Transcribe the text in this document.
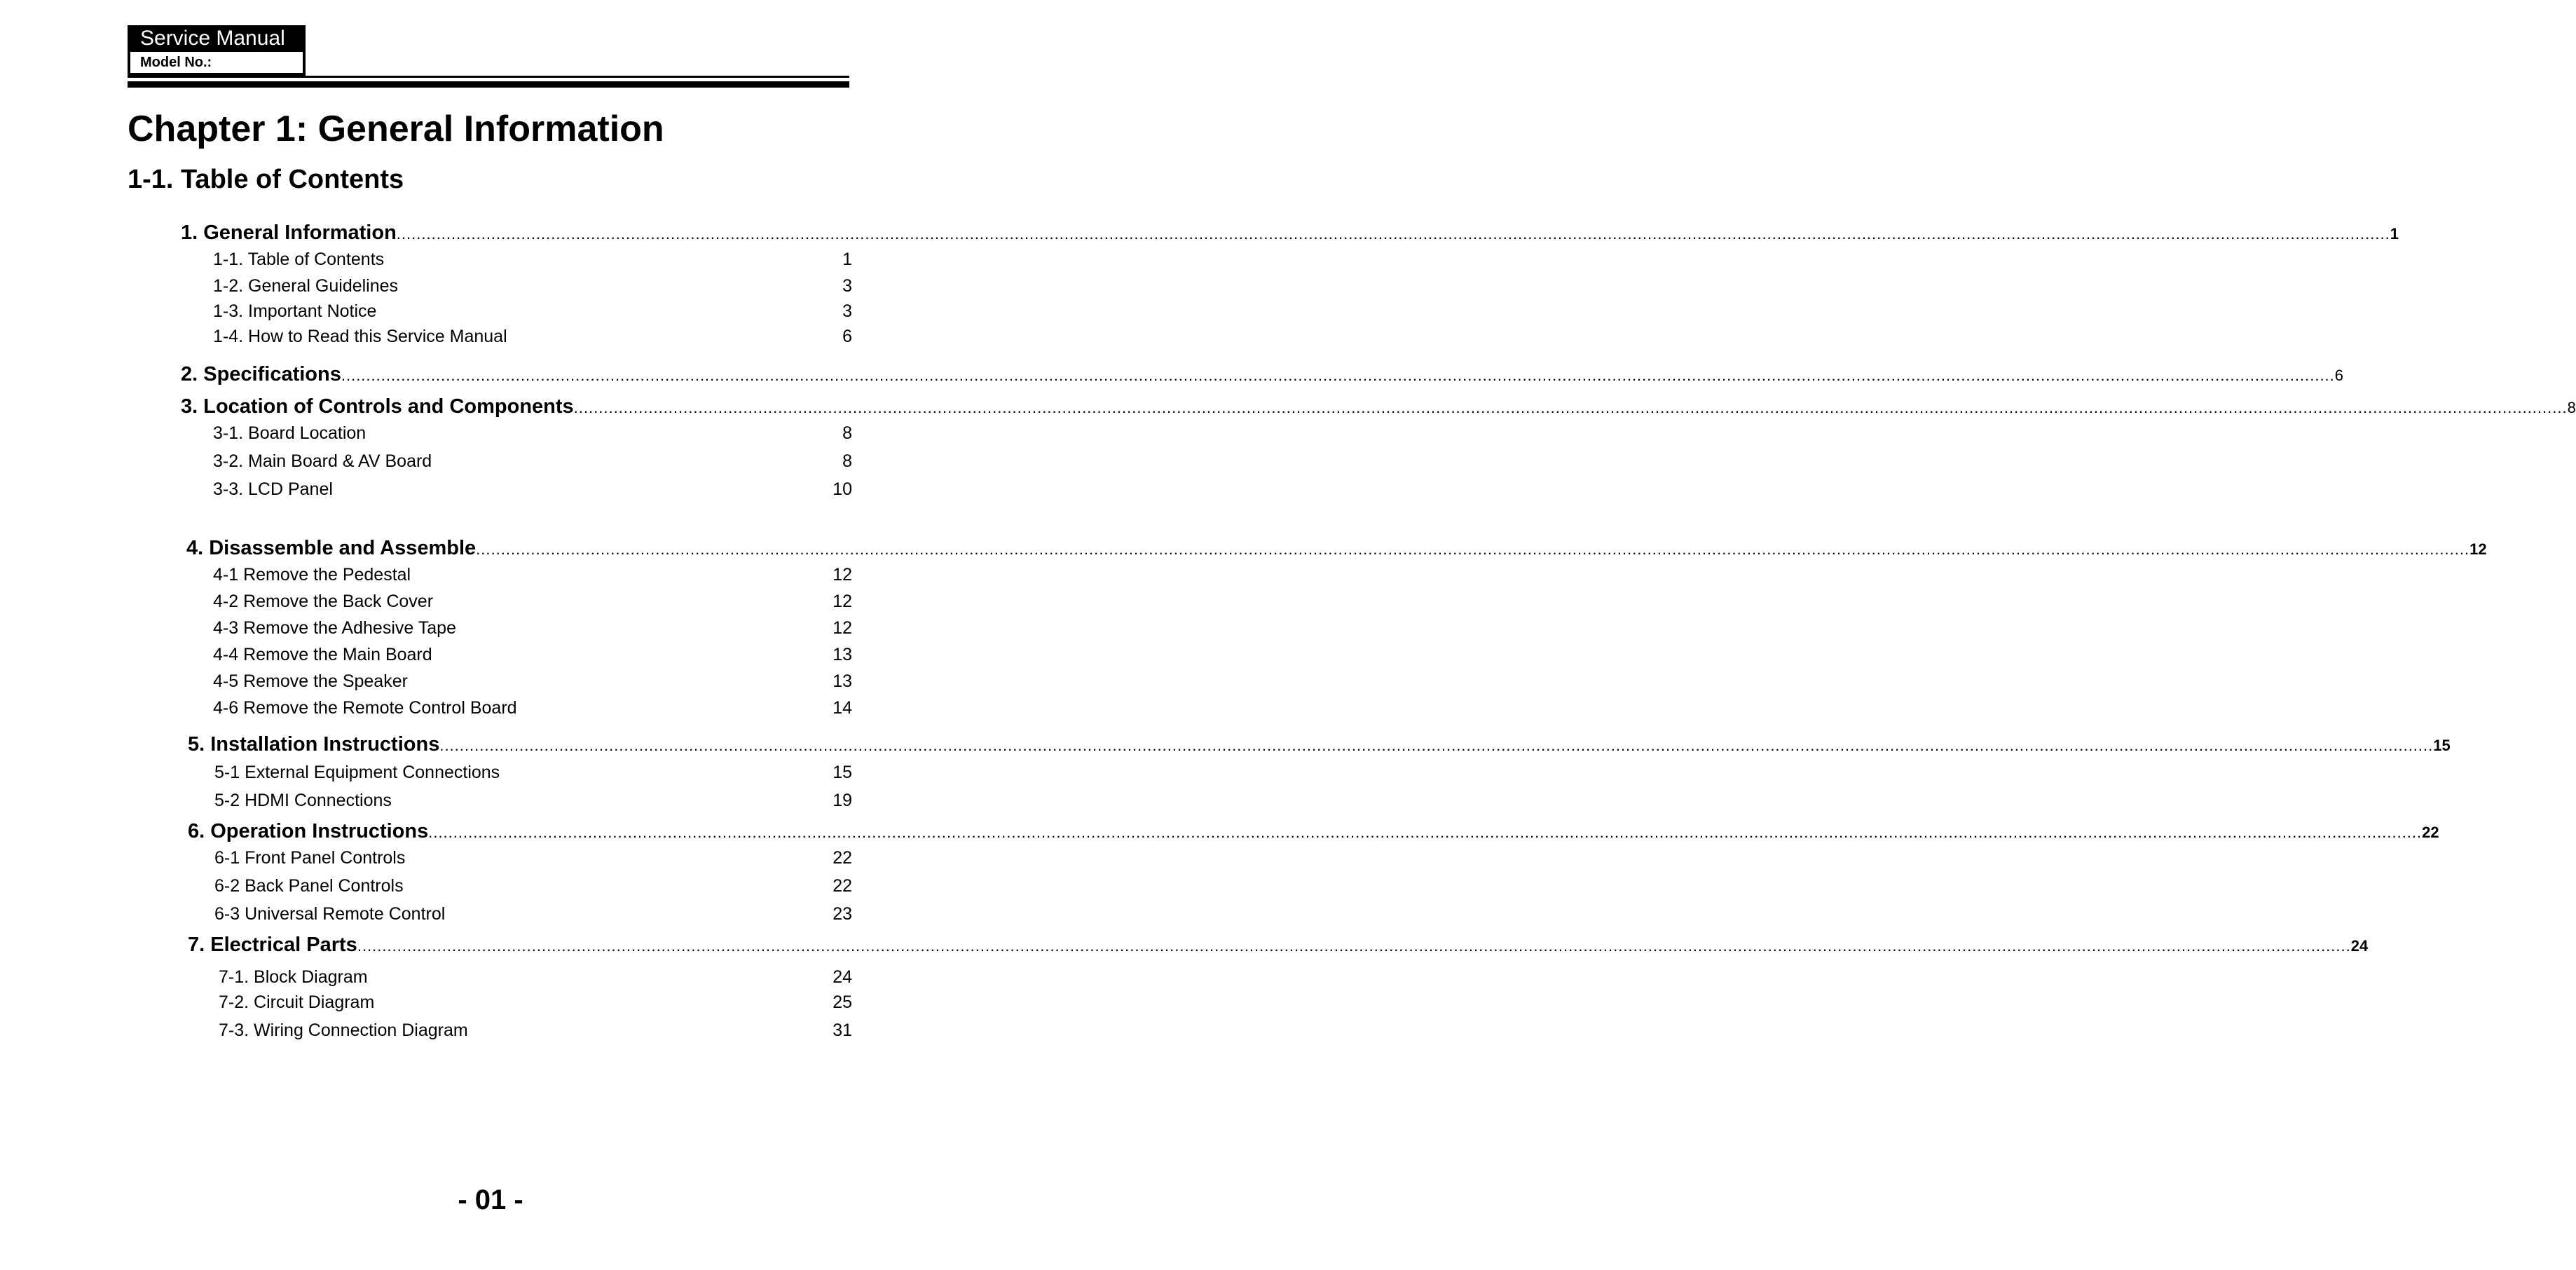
Service Manual
Model No.:
Chapter 1: General Information
1-1. Table of Contents
1. General Information ................................................................................................................................................................................................................................................................................................................................................................................................................ 1
1-1. Table of Contents	1
1-2. General Guidelines	3
1-3. Important Notice	3
1-4. How to Read this Service Manual	6
2. Specifications ................................................................................................................................................................................................................................................................................................................................................................................................................ 6
3. Location of Controls and Components ................................................................................................................................................................................................................................................................................................................................................................................................................ 8
3-1. Board Location	8
3-2. Main Board & AV Board	8
3-3. LCD Panel	10
4. Disassemble and Assemble ................................................................................................................................................................................................................................................................................................................................................................................................................ 12
4-1 Remove the Pedestal	12
4-2 Remove the Back Cover	12
4-3 Remove the Adhesive Tape	12
4-4 Remove the Main Board	13
4-5 Remove the Speaker	13
4-6 Remove the Remote Control Board	14
5. Installation Instructions ................................................................................................................................................................................................................................................................................................................................................................................................................ 15
5-1 External Equipment Connections	15
5-2 HDMI Connections	19
6. Operation Instructions ................................................................................................................................................................................................................................................................................................................................................................................................................ 22
6-1 Front Panel Controls	22
6-2 Back Panel Controls	22
6-3 Universal Remote Control	23
7. Electrical Parts ................................................................................................................................................................................................................................................................................................................................................................................................................ 24
7-1. Block Diagram	24
7-2. Circuit Diagram	25
7-3. Wiring Connection Diagram	31
- 01 -
